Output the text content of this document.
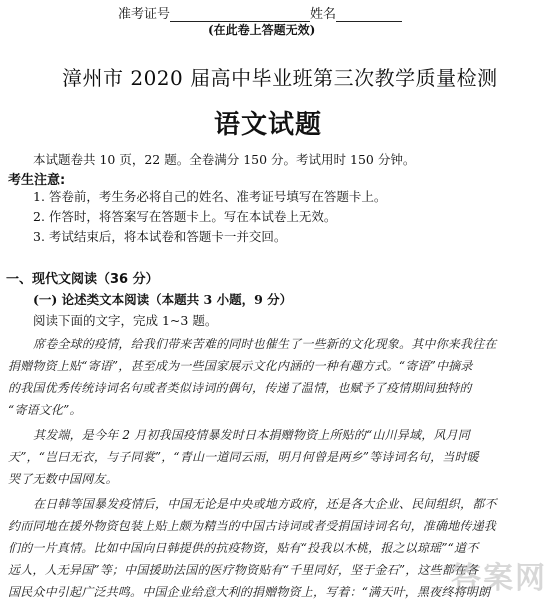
准考证号	姓名
(在此卷上答题无效)
漳州市 2020 届高中毕业班第三次教学质量检测
语文试题
本试题卷共 10 页，22 题。全卷满分 150 分。考试用时 150 分钟。
考生注意:
1. 答卷前，考生务必将自己的姓名、准考证号填写在答题卡上。
2. 作答时，将答案写在答题卡上。写在本试卷上无效。
3. 考试结束后，将本试卷和答题卡一并交回。
一、现代文阅读（36 分）
(一) 论述类文本阅读（本题共 3 小题，9 分）
阅读下面的文字，完成 1~3 题。
席卷全球的疫情，给我们带来苦难的同时也催生了一些新的文化现象。其中你来我往在
捐赠物资上贴“寄语”，甚至成为一些国家展示文化内涵的一种有趣方式。“寄语”中摘录
的我国优秀传统诗词名句或者类似诗词的偶句，传递了温情，也赋予了疫情期间独特的
“寄语文化”。
其发端，是今年 2 月初我国疫情暴发时日本捐赠物资上所贴的“山川异域，风月同
天”，“岂曰无衣，与子同裳”，“青山一道同云雨，明月何曾是两乡”等诗词名句，当时暖
哭了无数中国网友。
在日韩等国暴发疫情后，中国无论是中央或地方政府，还是各大企业、民间组织，都不
约而同地在援外物资包装上贴上颇为精当的中国古诗词或者受捐国诗词名句，准确地传递我
们的一片真情。比如中国向日韩提供的抗疫物资，贴有“投我以木桃，报之以琼瑶”“道不
远人，人无异国”等；中国援助法国的医疗物资贴有“千里同好，坚于金石”，这些都在各
国民众中引起广泛共鸣。中国企业给意大利的捐赠物资上，写着：“满天叶，黑夜终将明朗
答案网
